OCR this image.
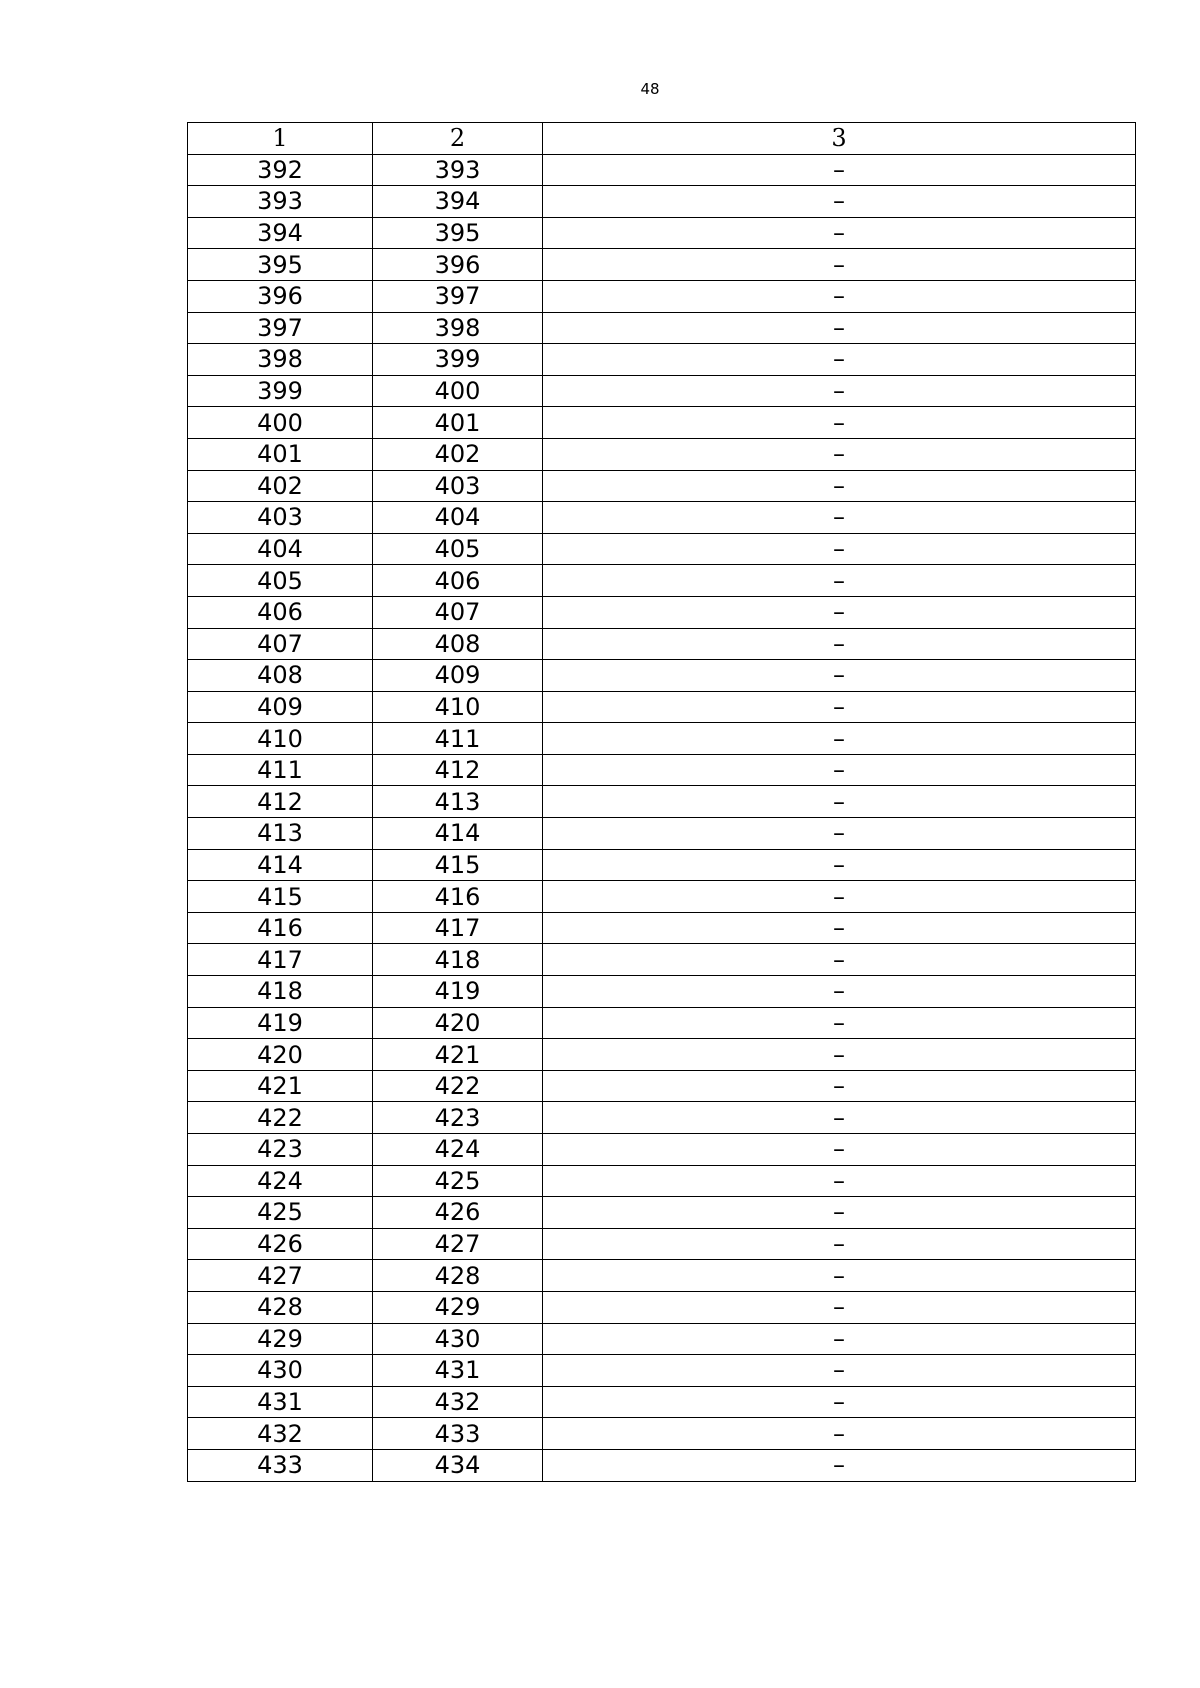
48
1	2	3
392	393	–
393	394	–
394	395	–
395	396	–
396	397	–
397	398	–
398	399	–
399	400	–
400	401	–
401	402	–
402	403	–
403	404	–
404	405	–
405	406	–
406	407	–
407	408	–
408	409	–
409	410	–
410	411	–
411	412	–
412	413	–
413	414	–
414	415	–
415	416	–
416	417	–
417	418	–
418	419	–
419	420	–
420	421	–
421	422	–
422	423	–
423	424	–
424	425	–
425	426	–
426	427	–
427	428	–
428	429	–
429	430	–
430	431	–
431	432	–
432	433	–
433	434	–
